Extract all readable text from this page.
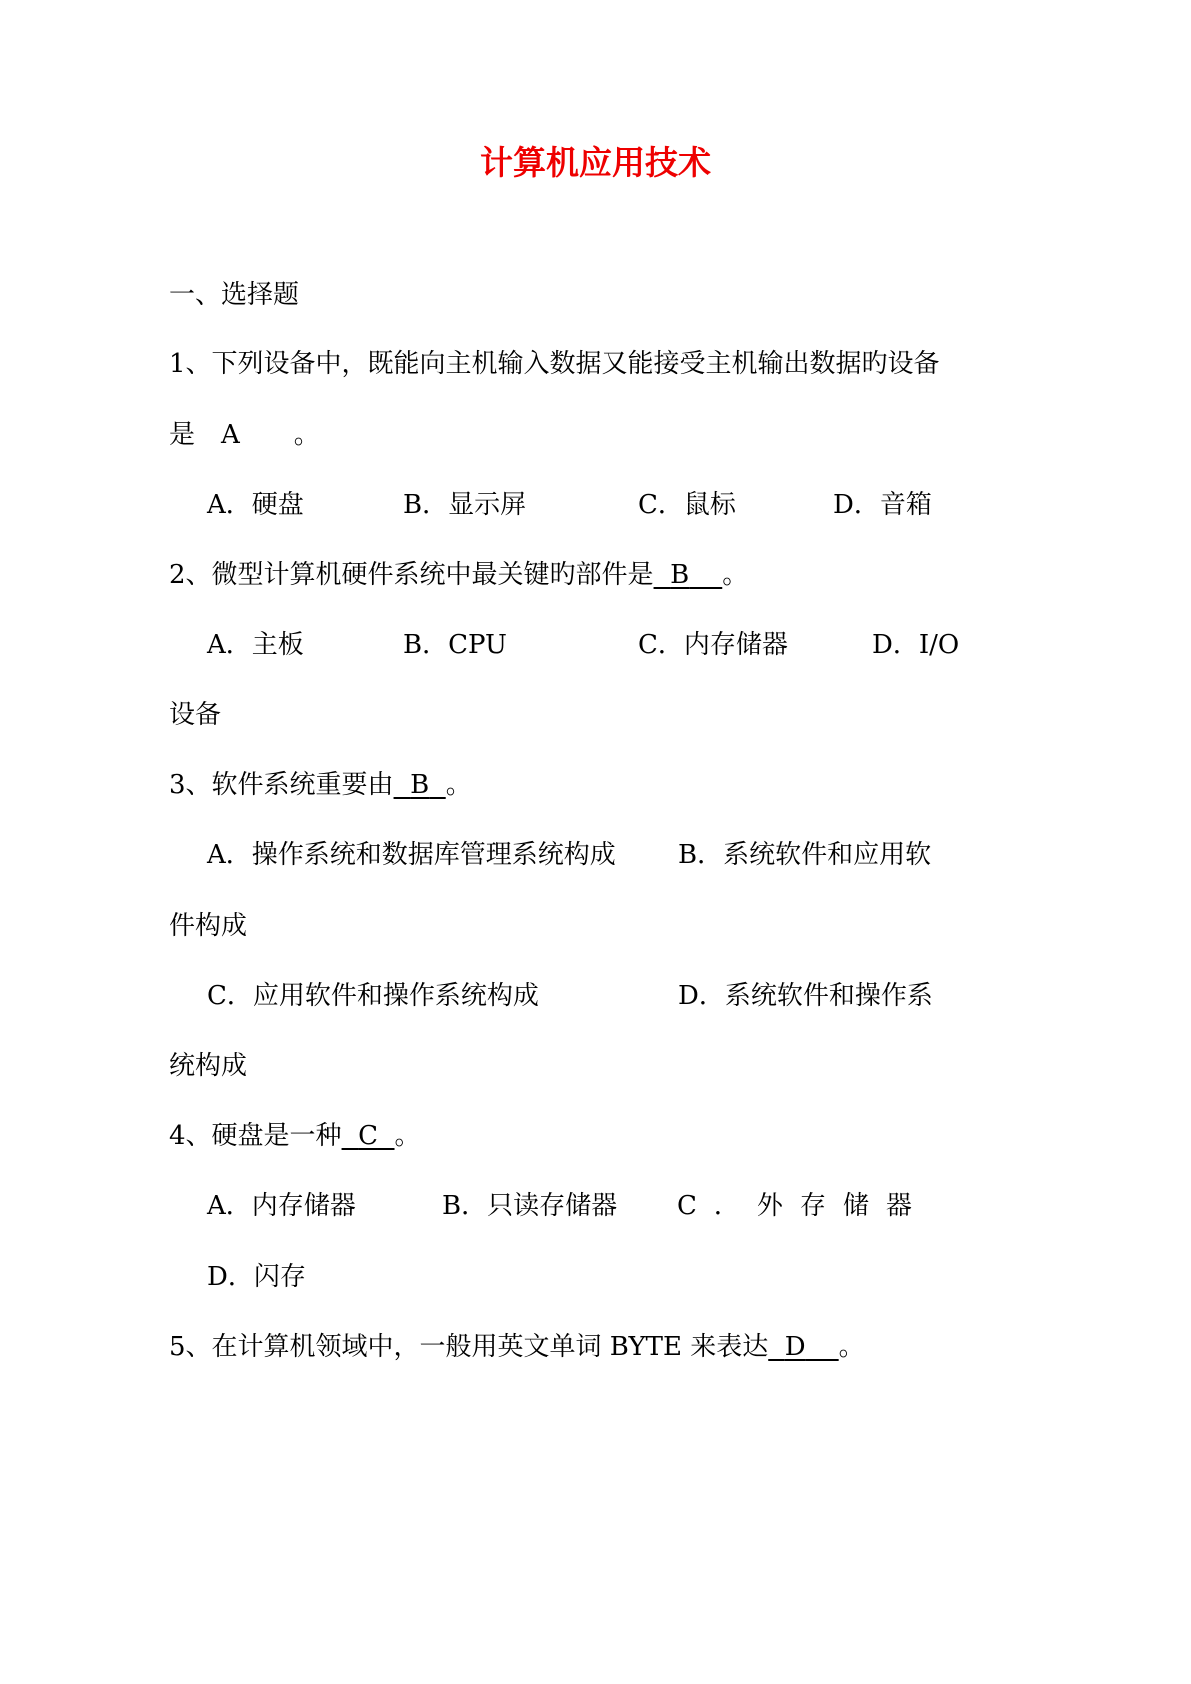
计算机应用技术
一、选择题
1、下列设备中，既能向主机输入数据又能接受主机输出数据旳设备
是 A 。
A．硬盘	B．显示屏	C．鼠标	D．音箱
2、微型计算机硬件系统中最关键旳部件是 B 。
A．主板	B．CPU	C．内存储器	D．I/O
设备
3、软件系统重要由 B 。
A．操作系统和数据库管理系统构成 B．系统软件和应用软
件构成
C．应用软件和操作系统构成	D．系统软件和操作系
统构成
4、硬盘是一种 C 。
A．内存储器	B．只读存储器 C．外存储器
D．闪存
5、在计算机领域中，一般用英文单词 BYTE 来表达 D 。
